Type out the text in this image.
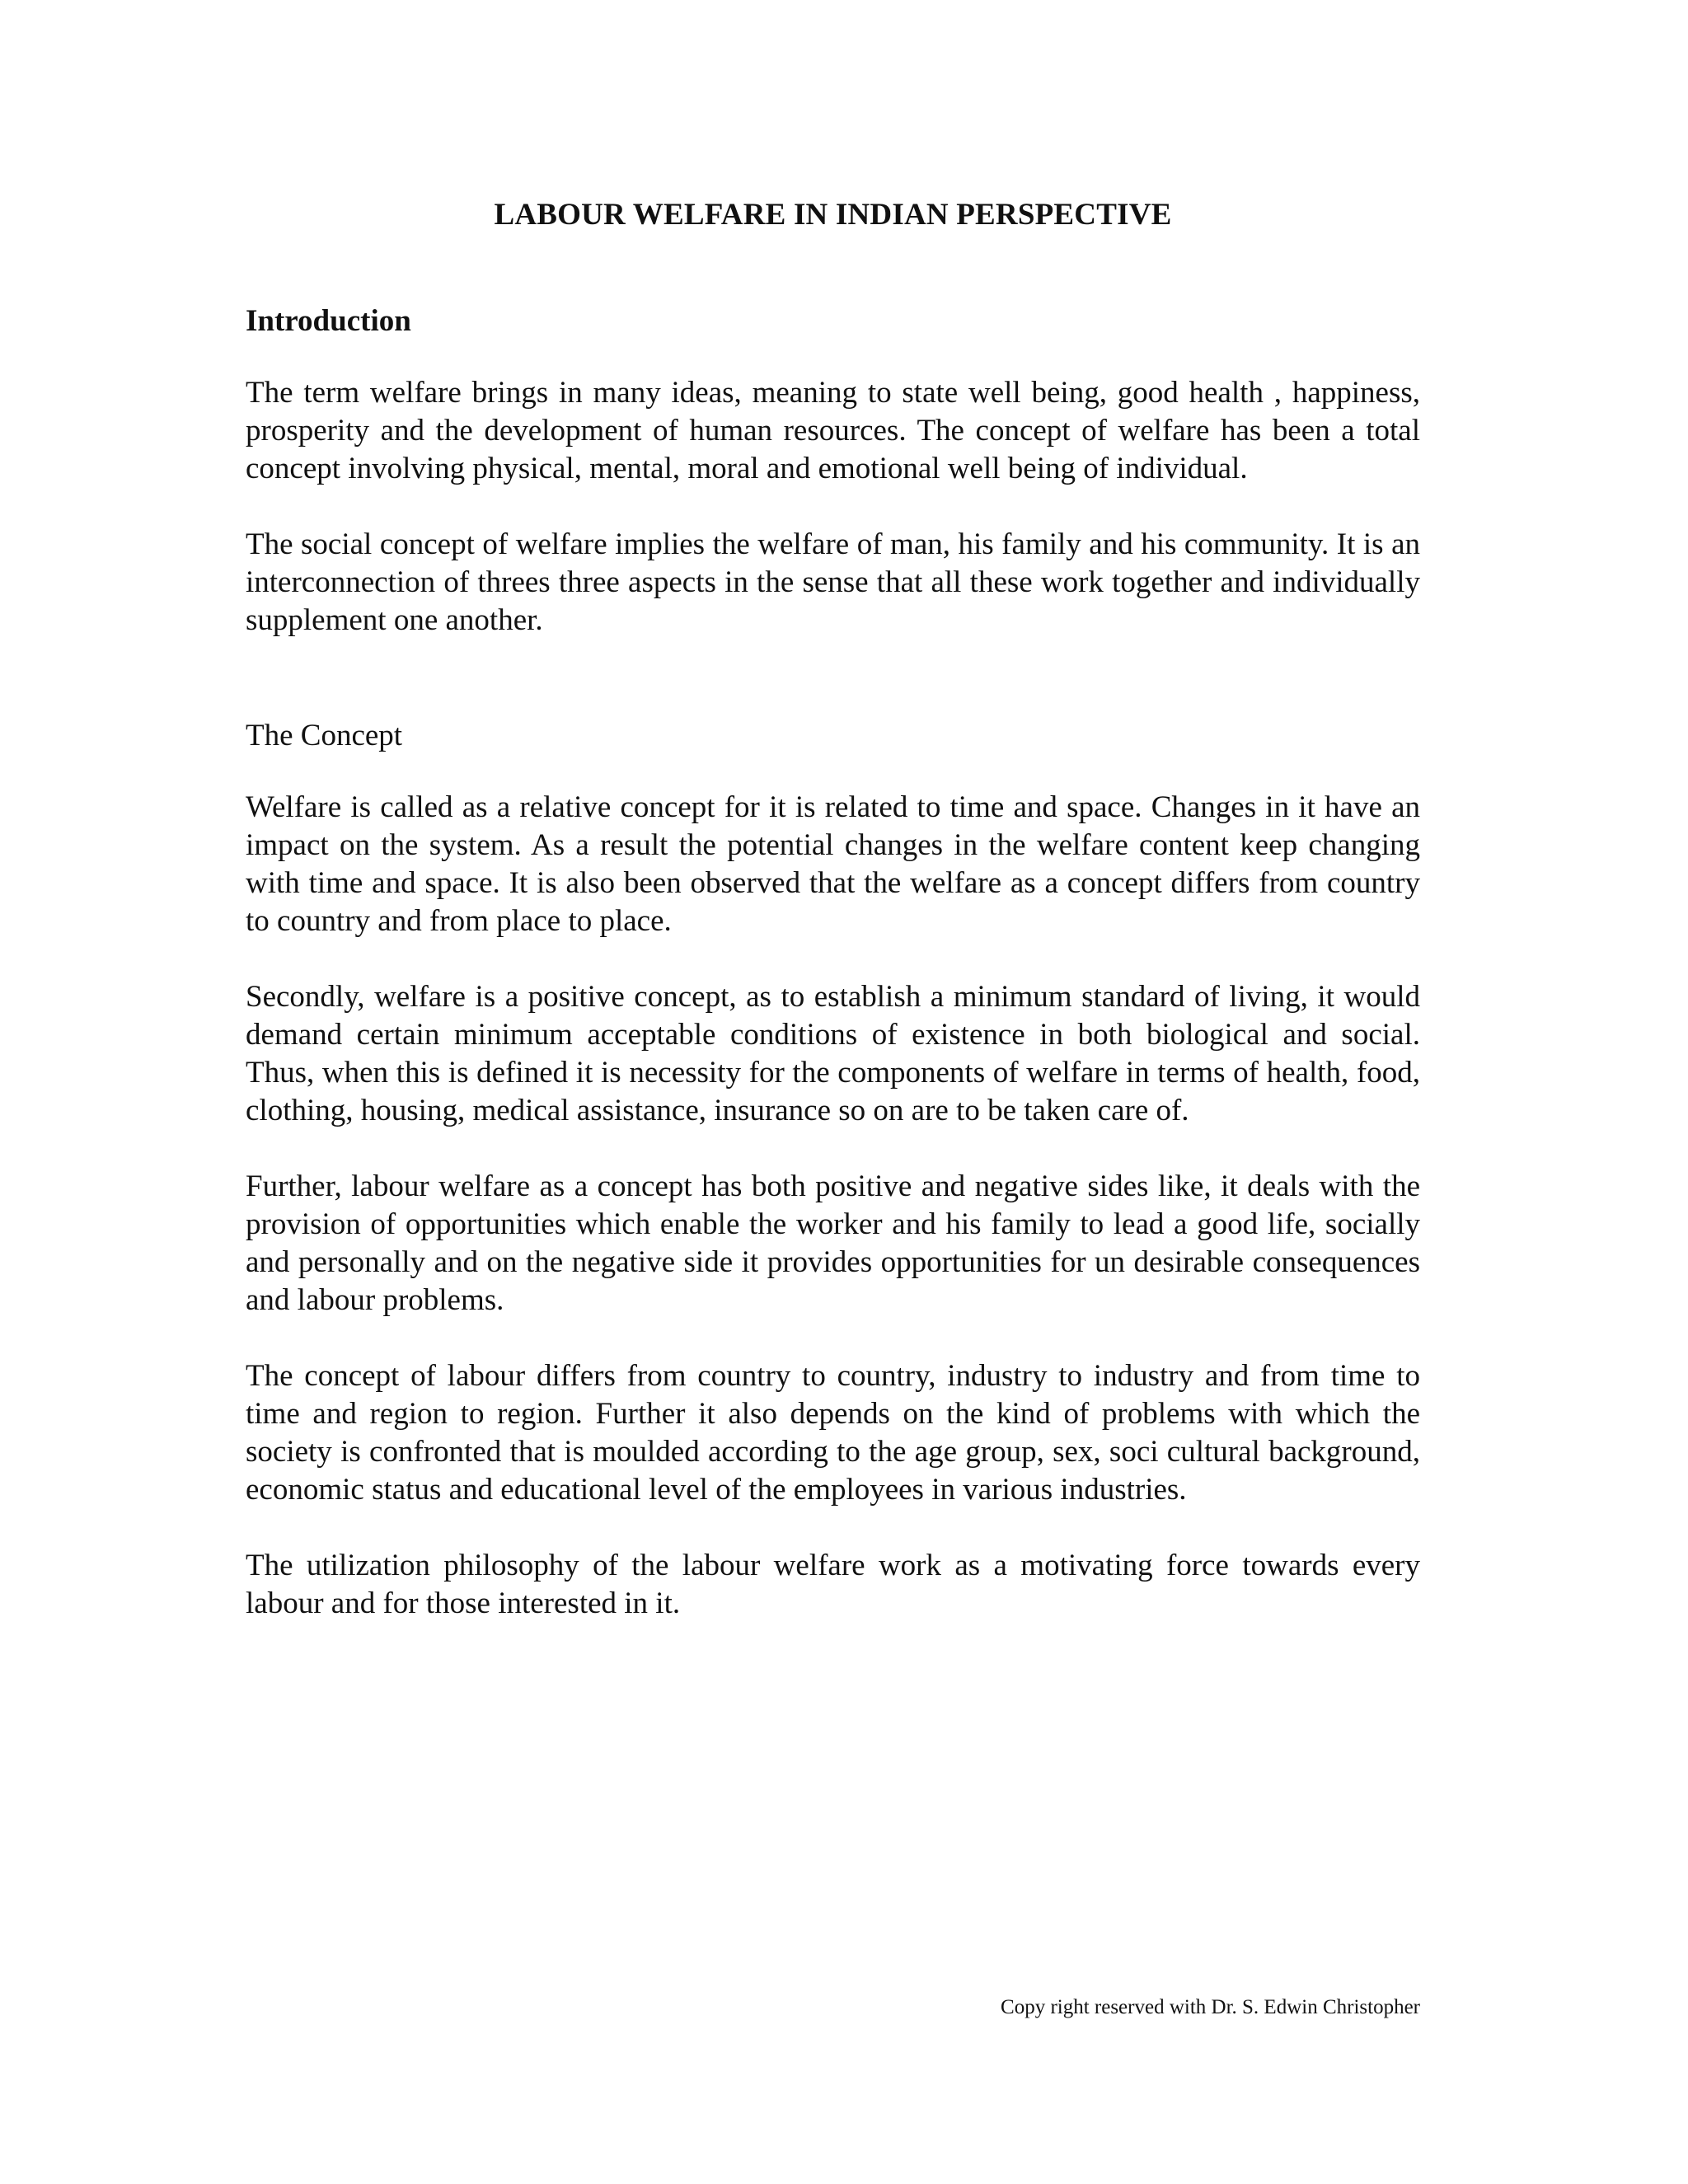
LABOUR WELFARE IN INDIAN PERSPECTIVE
Introduction

The term welfare brings in many ideas, meaning to state well being, good health , happiness, prosperity and the development of human resources. The concept of welfare has been a total concept involving physical, mental, moral and emotional well being of individual.

The social concept of welfare implies the welfare of man, his family and his community. It is an interconnection of threes three aspects in the sense that all these work together and individually supplement one another.

The Concept

Welfare is called as a relative concept for it is related to time and space. Changes in it have an impact on the system. As a result the potential changes in the welfare content keep changing with time and space. It is also been observed that the welfare as a concept differs from country to country and from place to place.

Secondly, welfare is a positive concept, as to establish a minimum standard of living, it would demand certain minimum acceptable conditions of existence in both biological and social. Thus, when this is defined it is necessity for the components of welfare in terms of health, food, clothing, housing, medical assistance, insurance so on are to be taken care of.

Further, labour welfare as a concept has both positive and negative sides like, it deals with the provision of opportunities which enable the worker and his family to lead a good life, socially and personally and on the negative side it provides opportunities for un desirable consequences and labour problems.

The concept of labour differs from country to country, industry to industry and from time to time and region to region. Further it also depends on the kind of problems with which the society is confronted that is moulded according to the age group, sex, soci cultural background, economic status and educational level of the employees in various industries.

The utilization philosophy of the labour welfare work as a motivating force towards every labour and for those interested in it.

Copy right reserved with Dr. S. Edwin Christopher
